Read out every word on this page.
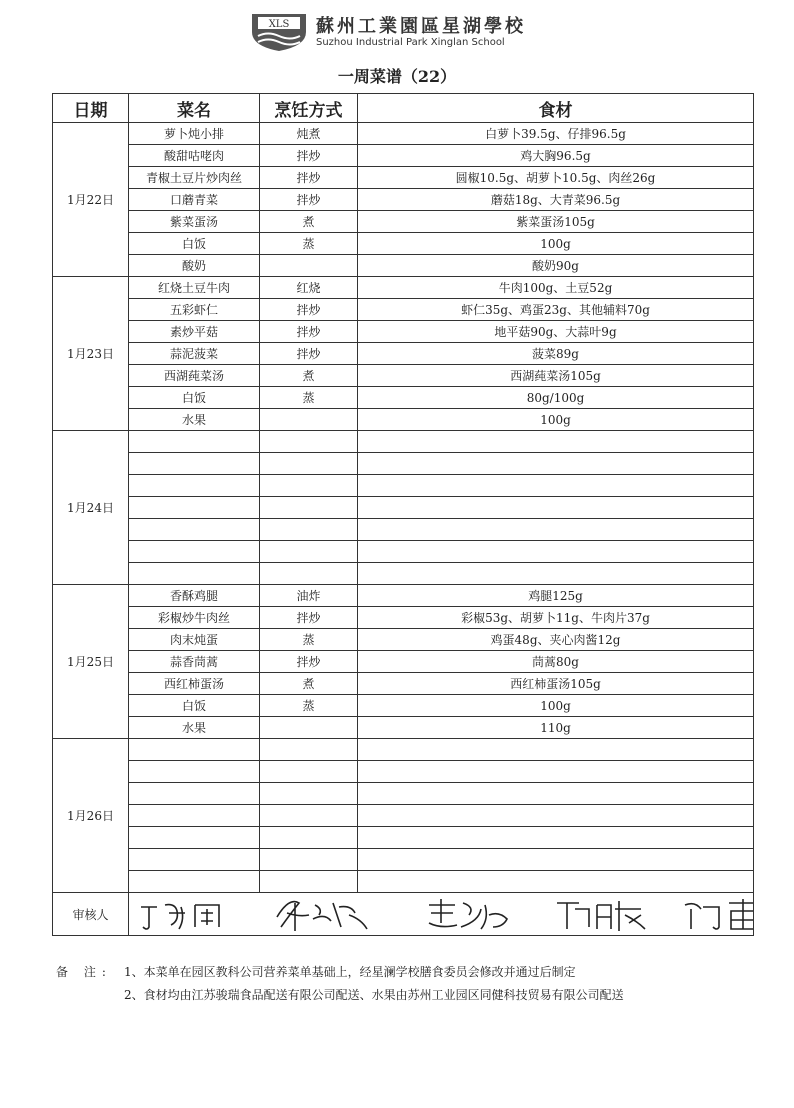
XLS 蘇州工業園區星湖學校
Suzhou Industrial Park Xinglan School
一周菜谱（22）
日期	菜名	烹饪方式	食材
1月22日	萝卜炖小排	炖煮	白萝卜39.5g、仔排96.5g
	酸甜咕咾肉	拌炒	鸡大胸96.5g
	青椒土豆片炒肉丝	拌炒	圆椒10.5g、胡萝卜10.5g、肉丝26g
	口蘑青菜	拌炒	蘑菇18g、大青菜96.5g
	紫菜蛋汤	煮	紫菜蛋汤105g
	白饭	蒸	100g
	酸奶		酸奶90g
1月23日	红烧土豆牛肉	红烧	牛肉100g、土豆52g
	五彩虾仁	拌炒	虾仁35g、鸡蛋23g、其他辅料70g
	素炒平菇	拌炒	地平菇90g、大蒜叶9g
	蒜泥菠菜	拌炒	菠菜89g
	西湖莼菜汤	煮	西湖莼菜汤105g
	白饭	蒸	80g/100g
	水果		100g
1月24日			

1月25日	香酥鸡腿	油炸	鸡腿125g
	彩椒炒牛肉丝	拌炒	彩椒53g、胡萝卜11g、牛肉片37g
	肉末炖蛋	蒸	鸡蛋48g、夹心肉酱12g
	蒜香茼蒿	拌炒	茼蒿80g
	西红柿蛋汤	煮	西红柿蛋汤105g
	白饭	蒸	100g
	水果		110g
1月26日			

审核人	
备 注:	1、本菜单在园区教科公司营养菜单基础上，经星澜学校膳食委员会修改并通过后制定
2、食材均由江苏骏瑞食品配送有限公司配送、水果由苏州工业园区同健科技贸易有限公司配送
